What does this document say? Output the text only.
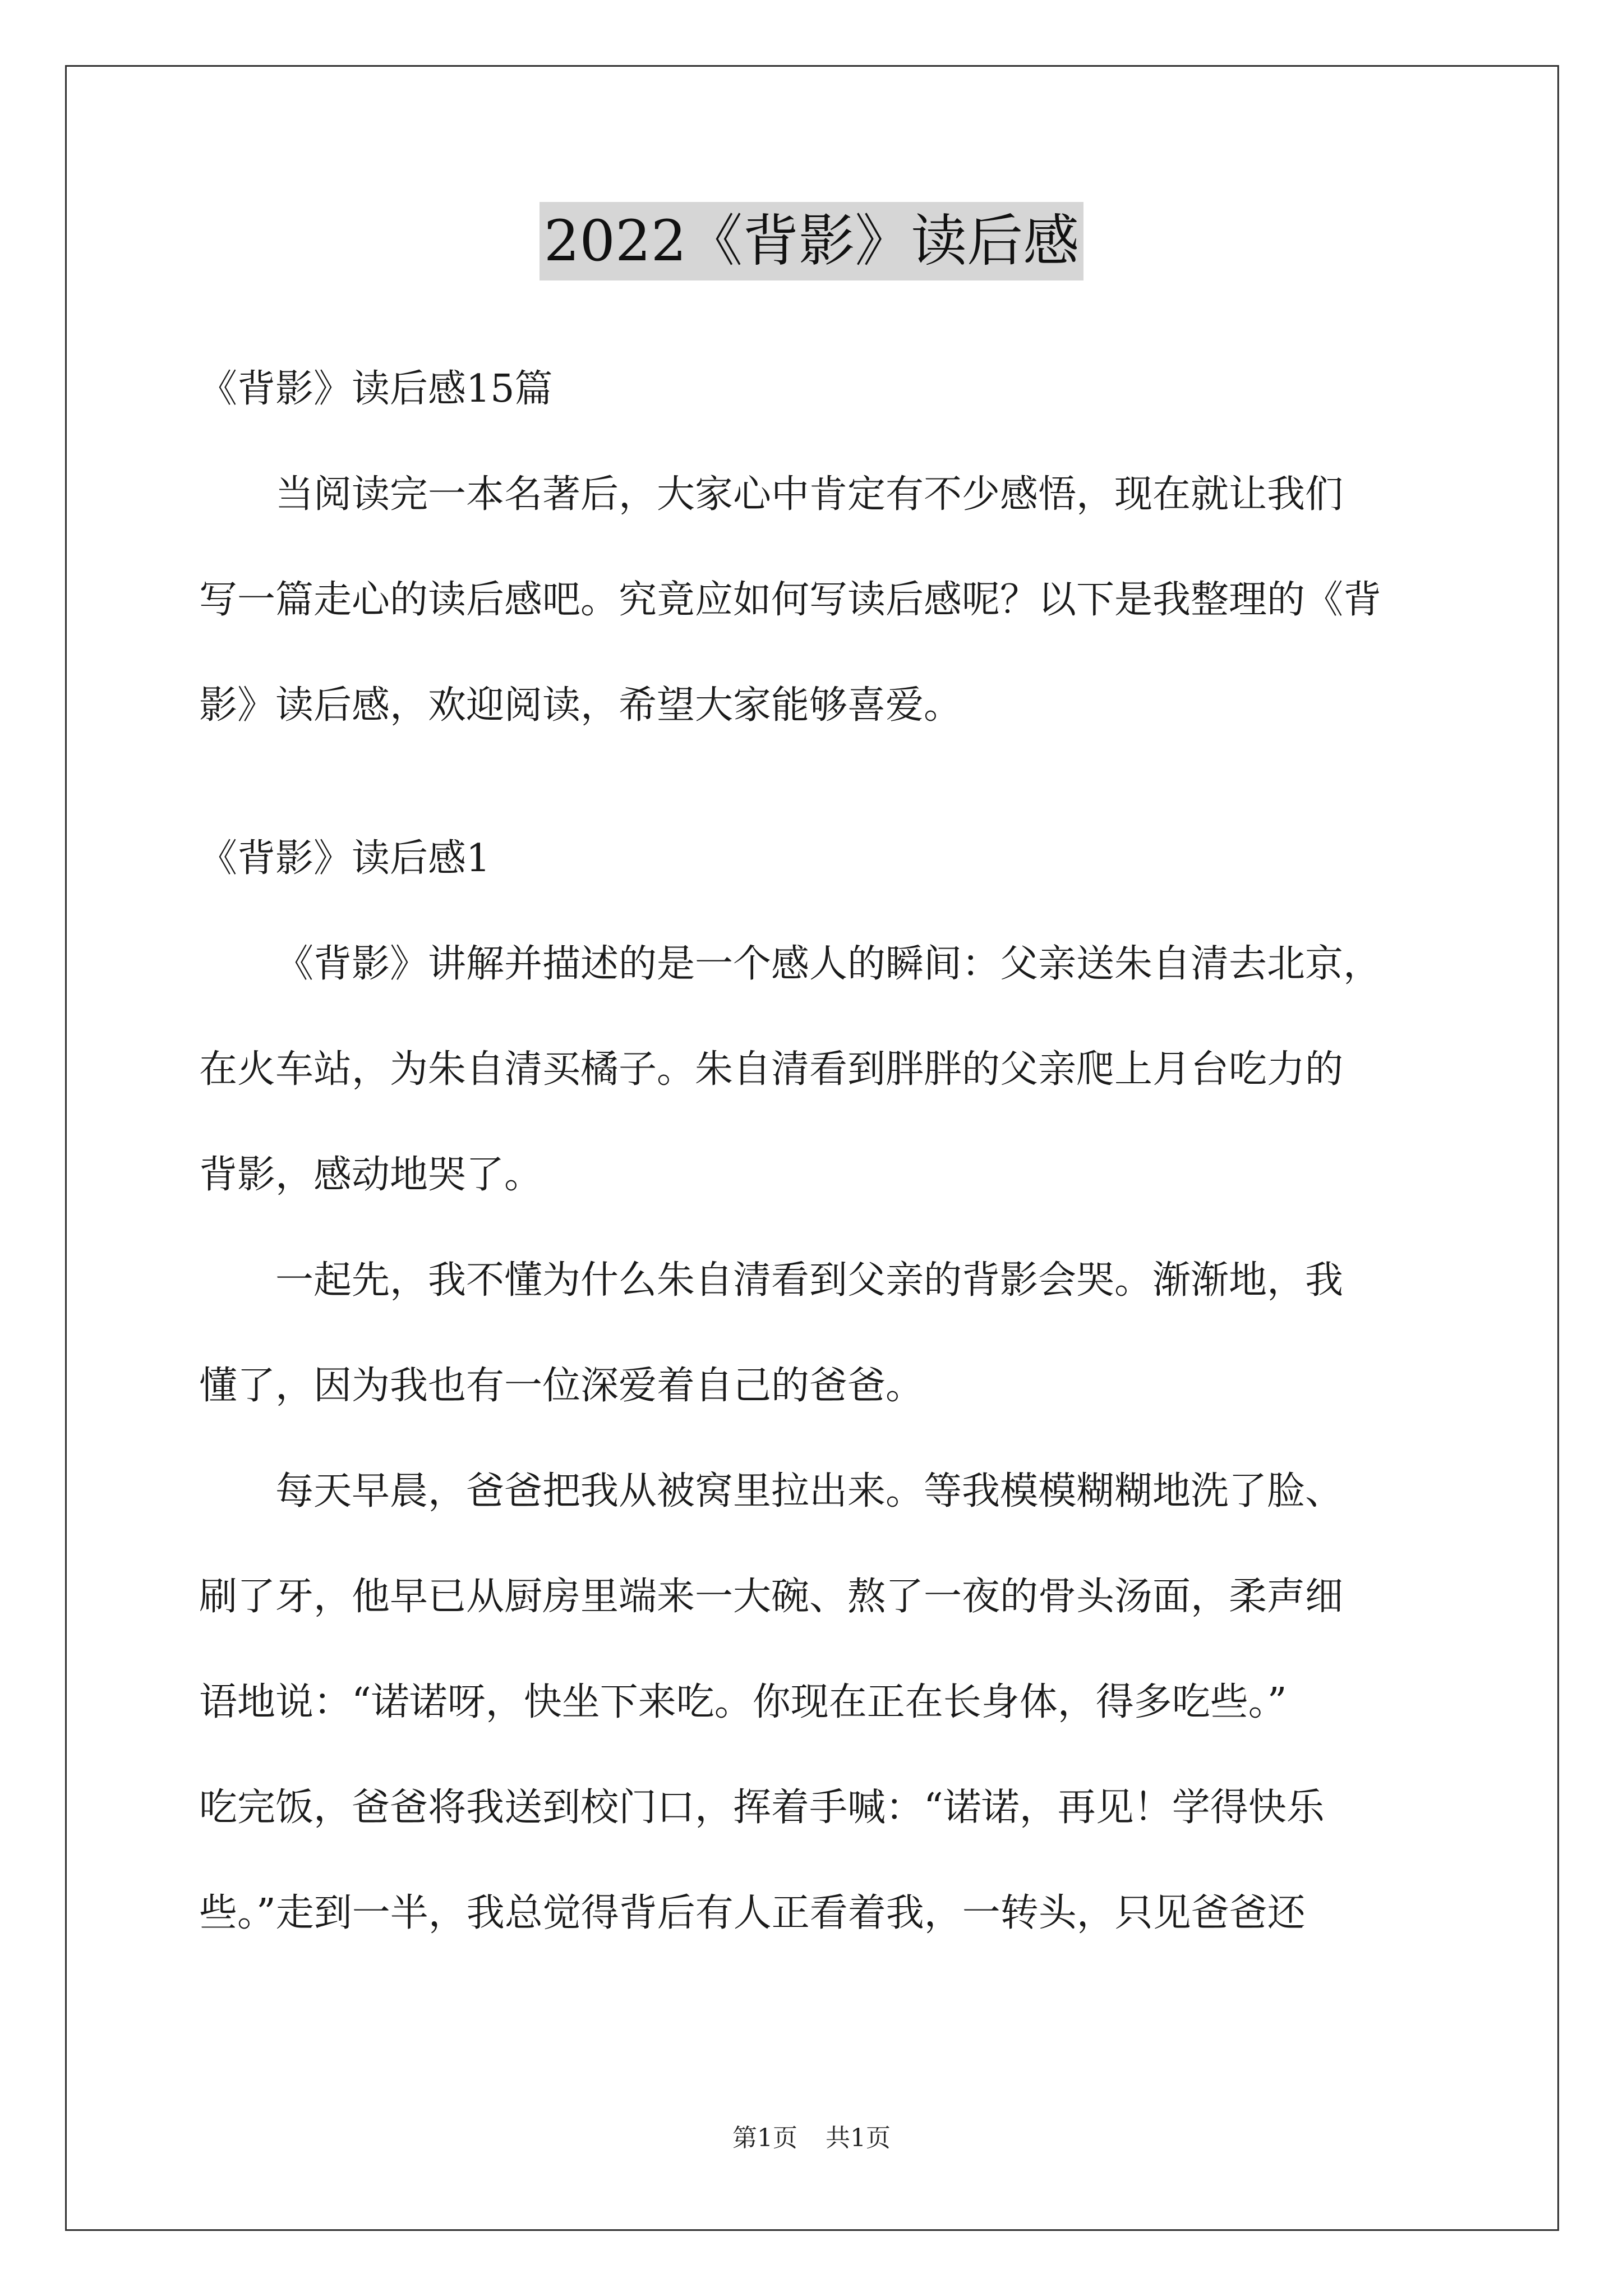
2022《背影》读后感

《背影》读后感15篇

当阅读完一本名著后，大家心中肯定有不少感悟，现在就让我们

写一篇走心的读后感吧。究竟应如何写读后感呢？以下是我整理的《背

影》读后感，欢迎阅读，希望大家能够喜爱。

《背影》读后感1

《背影》讲解并描述的是一个感人的瞬间：父亲送朱自清去北京，

在火车站，为朱自清买橘子。朱自清看到胖胖的父亲爬上月台吃力的

背影，感动地哭了。

一起先，我不懂为什么朱自清看到父亲的背影会哭。渐渐地，我

懂了，因为我也有一位深爱着自己的爸爸。

每天早晨，爸爸把我从被窝里拉出来。等我模模糊糊地洗了脸、

刷了牙，他早已从厨房里端来一大碗、熬了一夜的骨头汤面，柔声细

语地说：“诺诺呀，快坐下来吃。你现在正在长身体，得多吃些。”

吃完饭，爸爸将我送到校门口，挥着手喊：“诺诺，再见！学得快乐

些。”走到一半，我总觉得背后有人正看着我，一转头，只见爸爸还

第1页 共1页
